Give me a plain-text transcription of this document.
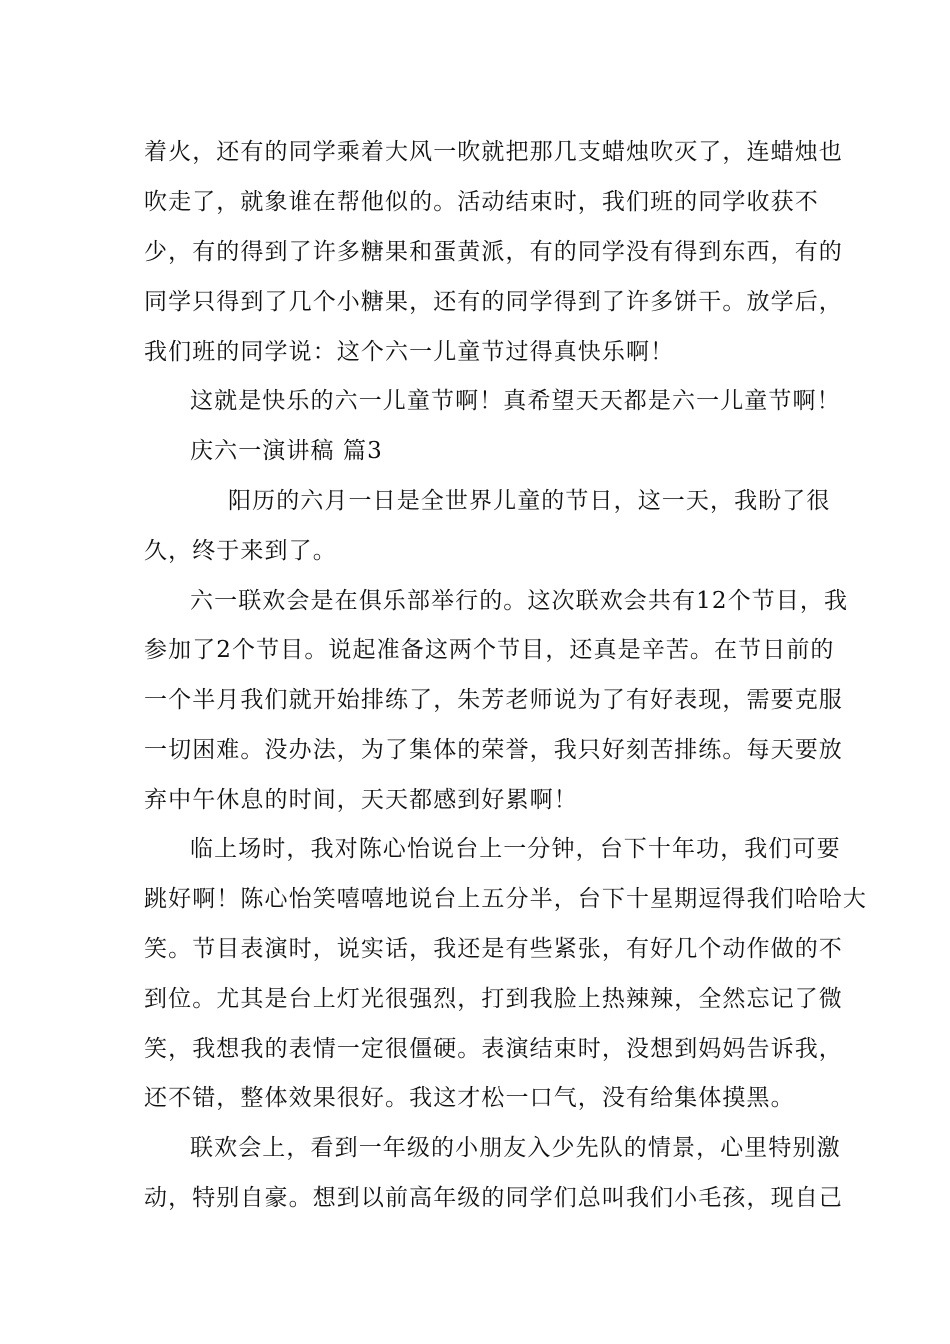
着火，还有的同学乘着大风一吹就把那几支蜡烛吹灭了，连蜡烛也
吹走了，就象谁在帮他似的。活动结束时，我们班的同学收获不
少，有的得到了许多糖果和蛋黄派，有的同学没有得到东西，有的
同学只得到了几个小糖果，还有的同学得到了许多饼干。放学后，
我们班的同学说：这个六一儿童节过得真快乐啊！
这就是快乐的六一儿童节啊！真希望天天都是六一儿童节啊！
庆六一演讲稿 篇3
阳历的六月一日是全世界儿童的节日，这一天，我盼了很
久，终于来到了。
六一联欢会是在俱乐部举行的。这次联欢会共有12个节目，我
参加了2个节目。说起准备这两个节目，还真是辛苦。在节日前的
一个半月我们就开始排练了，朱芳老师说为了有好表现，需要克服
一切困难。没办法，为了集体的荣誉，我只好刻苦排练。每天要放
弃中午休息的时间，天天都感到好累啊！
临上场时，我对陈心怡说台上一分钟，台下十年功，我们可要
跳好啊！陈心怡笑嘻嘻地说台上五分半，台下十星期逗得我们哈哈大
笑。节目表演时，说实话，我还是有些紧张，有好几个动作做的不
到位。尤其是台上灯光很强烈，打到我脸上热辣辣，全然忘记了微
笑，我想我的表情一定很僵硬。表演结束时，没想到妈妈告诉我，
还不错，整体效果很好。我这才松一口气，没有给集体摸黑。
联欢会上，看到一年级的小朋友入少先队的情景，心里特别激
动，特别自豪。想到以前高年级的同学们总叫我们小毛孩，现自己
